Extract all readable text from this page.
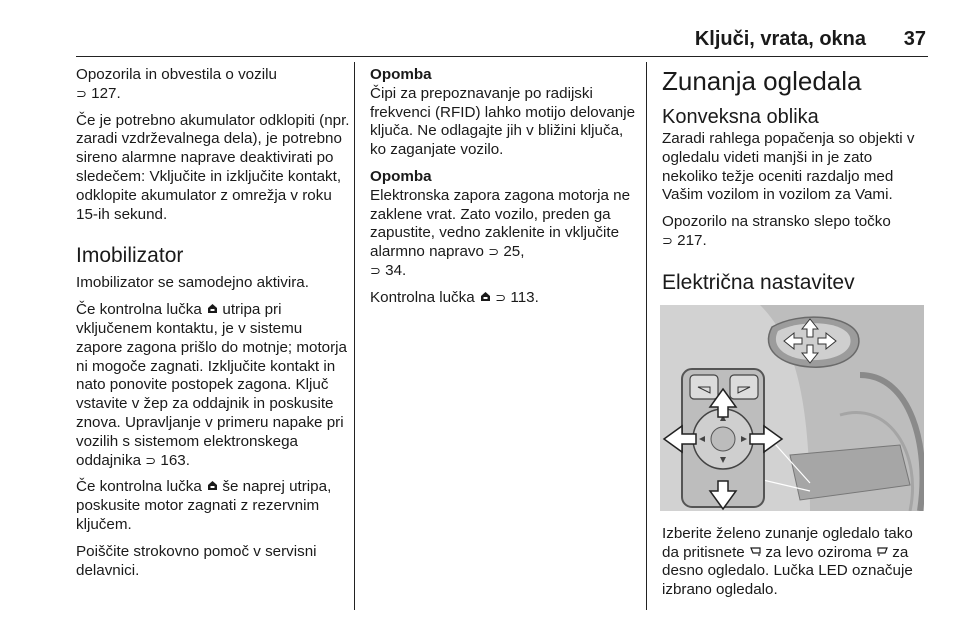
Ključi, vrata, okna 37

Opozorila in obvestila o vozilu
⊃ 127.

Če je potrebno akumulator odklopiti (npr. zaradi vzdrževalnega dela), je potrebno sireno alarmne naprave deaktivirati po sledečem: Vključite in izključite kontakt, odklopite akumulator z omrežja v roku 15-ih sekund.

Imobilizator

Imobilizator se samodejno aktivira.

Če kontrolna lučka utripa pri vključenem kontaktu, je v sistemu zapore zagona prišlo do motnje; motorja ni mogoče zagnati. Izključite kontakt in nato ponovite postopek zagona. Ključ vstavite v žep za oddajnik in poskusite znova. Upravljanje v primeru napake pri vozilih s sistemom elektronskega oddajnika ⊃ 163.

Če kontrolna lučka še naprej utripa, poskusite motor zagnati z rezervnim ključem.

Poiščite strokovno pomoč v servisni delavnici.

Opomba

Čipi za prepoznavanje po radijski frekvenci (RFID) lahko motijo delovanje ključa. Ne odlagajte jih v bližini ključa, ko zaganjate vozilo.

Opomba

Elektronska zapora zagona motorja ne zaklene vrat. Zato vozilo, preden ga zapustite, vedno zaklenite in vključite alarmno napravo ⊃ 25,
⊃ 34.

Kontrolna lučka ⊃ 113.

Zunanja ogledala
Konveksna oblika

Zaradi rahlega popačenja so objekti v ogledalu videti manjši in je zato nekoliko težje oceniti razdaljo med Vašim vozilom in vozilom za Vami.

Opozorilo na stransko slepo točko
⊃ 217.

Električna nastavitev

Izberite želeno zunanje ogledalo tako da pritisnete za levo oziroma za desno ogledalo. Lučka LED označuje izbrano ogledalo.
